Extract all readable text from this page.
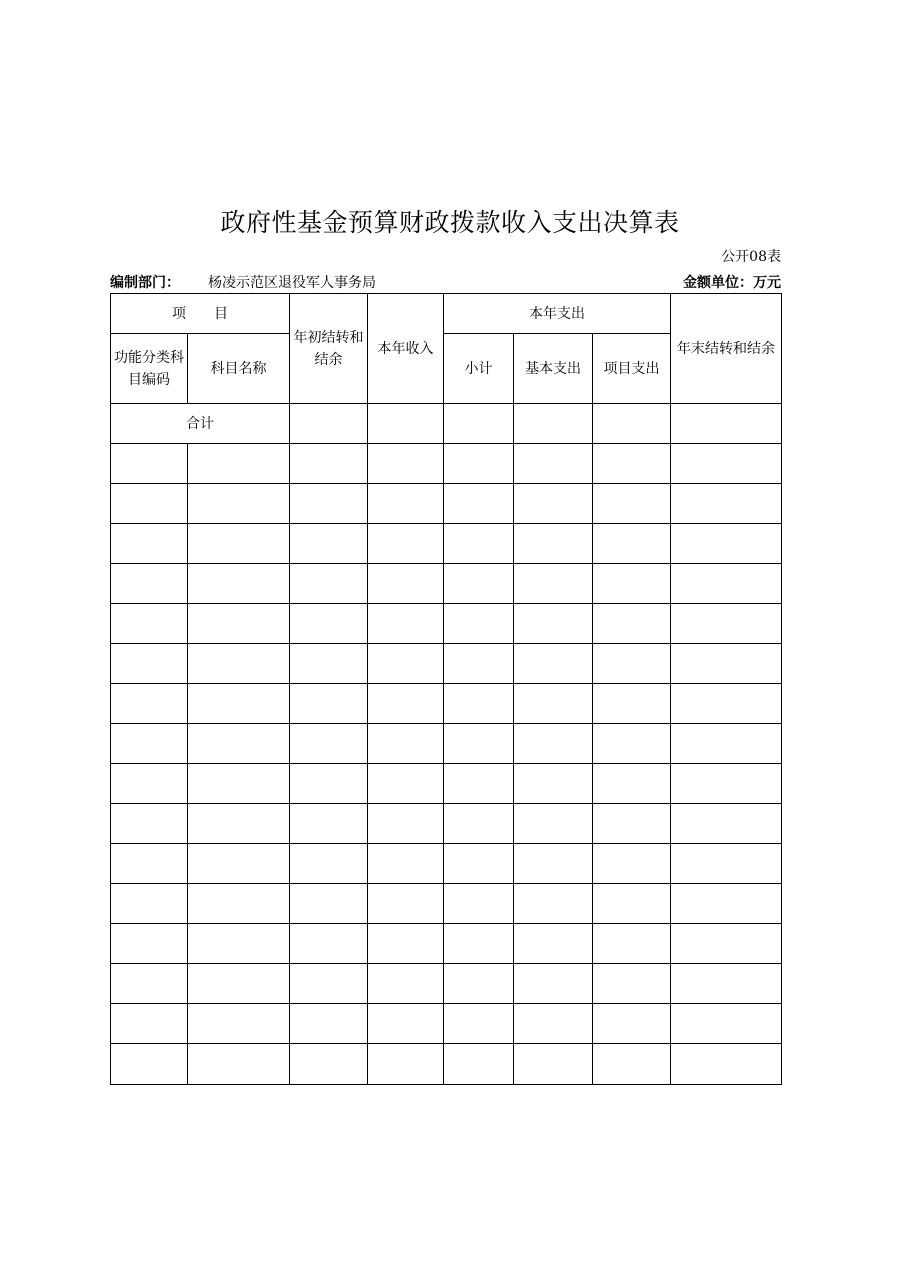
政府性基金预算财政拨款收入支出决算表
公开08表
编制部门： 杨凌示范区退役军人事务局	金额单位：万元
项　　目		年初结转和结余	本年收入	本年支出			年末结转和结余
功能分类科目编码	科目名称			小计	基本支出	项目支出	
合计							
